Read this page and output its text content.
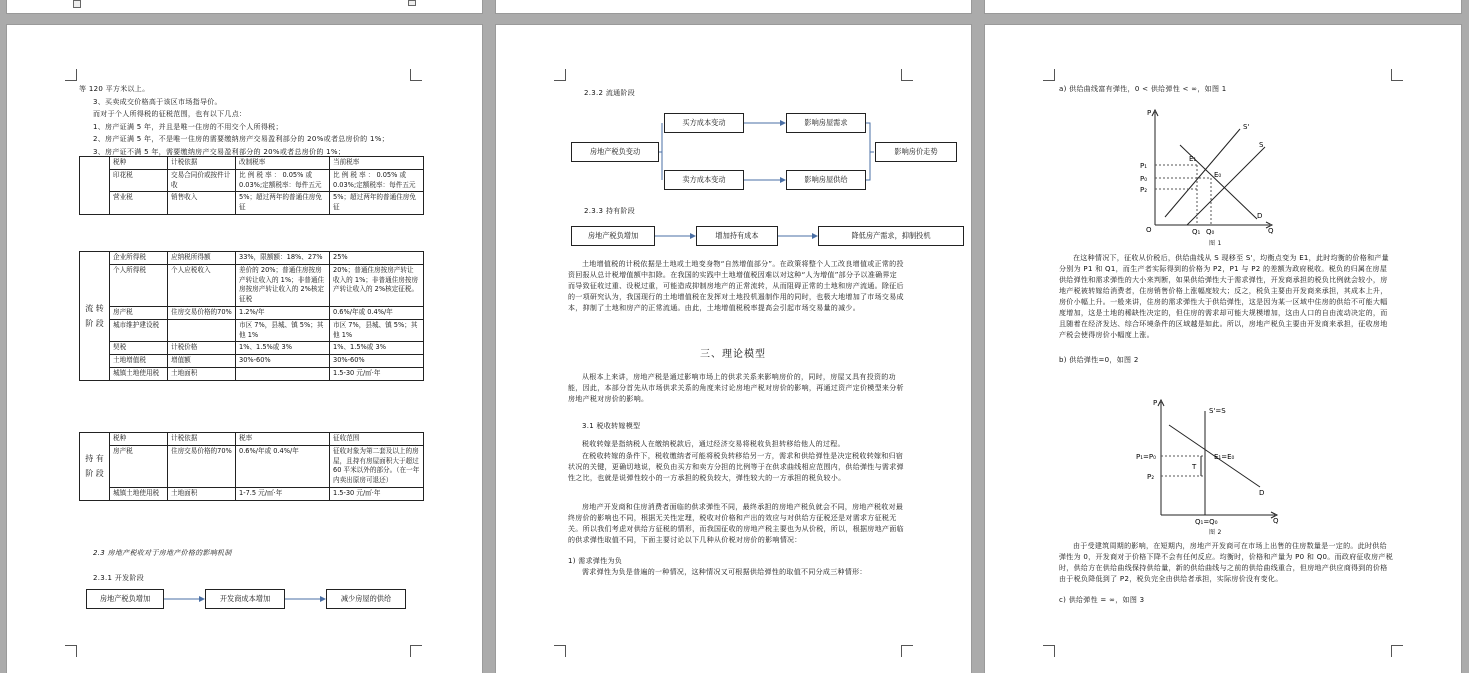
等 120 平方米以上。
3、买卖成交价格高于该区市场指导价。
而对于个人所得税的征税范围，也有以下几点：
1、房产证满 5 年，并且是唯一住房的不用交个人所得税；
2、房产证满 5 年，不是唯一住房的需要缴纳房产交易盈利部分的 20%或者总房价的 1%；
3、房产证不满 5 年，需要缴纳房产交易盈利部分的 20%或者总房价的 1%；
	税种	计税依据	改制税率	当前税率
	印花税	交易合同价或按件计收	比 例 税 率 ： 0.05% 或0.03%;定额税率：每件五元	比 例 税 率 ： 0.05% 或0.03%;定额税率：每件五元
	营业税	销售收入	5%；超过两年的普通住房免征	5%；超过两年的普通住房免征
流 转 阶 段	企业所得税	应纳税所得额	33%，限额额：18%、27%	25%
	个人所得税	个人应税收入	差价的 20%；普通住房按房产转让收入的 1%；非普通住房按房产转让收入的 2%核定征税	20%；普通住房按房产转让收入的 1%；非普通住房按房产转让收入的 2%核定征税。
	房产税	住房交易价格的70%	1.2%/年	0.6%/年或 0.4%/年
	城市维护建设税		市区 7%，县城、镇 5%；其他 1%	市区 7%，县城、镇 5%；其他 1%
	契税	计税价格	1%、1.5%或 3%	1%、1.5%或 3%
	土地增值税	增值额	30%-60%	30%-60%
	城镇土地使用税	土地面积		1.5-30 元/㎡·年
持 有 阶 段	税种	计税依据	税率	征收范围
	房产税	住房交易价格的70%	0.6%/年或 0.4%/年	征收对象为第二套及以上的房屋，且持有房屋面积大于超过 60 平米以外的部分。（在一年内卖出原房可退还）
	城镇土地使用税	土地面积	1-7.5 元/㎡·年	1.5-30 元/㎡·年
2.3 房地产税收对于房地产价格的影响机制
2.3.1 开发阶段
房地产税负增加	开发商成本增加	减少房屋的供给
2.3.2 流通阶段
房地产税负变动
买方成本变动
卖方成本变动
影响房屋需求
影响房屋供给
影响房价走势
2.3.3 持有阶段
房地产税负增加	增加持有成本	降低房产需求，抑制投机
土地增值税的计税依据是土地或土地变身物“自然增值部分”。在政策将整个人工改良增值或正常的投资回报从总计税增值额中扣除。在我国的实践中土地增值税因难以对这种“人为增值”部分予以准确界定而导致征收过重、设税过重，可能造成抑制房地产的正常流转，从而阻碍正常的土地和房产流通。除征后的一项研究认为，我国现行的土地增值税在发挥对土地投机遏制作用的同时，也极大地增加了市场交易成本，抑制了土地和房产的正常流通。由此，土地增值税税率提高会引起市场交易量的减少。
三、理论模型
从根本上来讲，房地产税是通过影响市场上的供求关系来影响房价的，同时，房屋又具有投资的功能，因此，本部分首先从市场供求关系的角度来讨论房地产税对房价的影响，再通过资产定价模型来分析房地产税对房价的影响。
3.1 税收转嫁模型
税收转嫁是指纳税人在缴纳税款后，通过经济交易将税收负担转移给他人的过程。
在税收转嫁的条件下，税收缴纳者可能将税负转移给另一方，需求和供给弹性是决定税收转嫁和归宿状况的关键，更确切地说，税负由买方和卖方分担的比例等于在供求曲线相应范围内，供给弹性与需求弹性之比，也就是说弹性较小的一方承担的税负较大，弹性较大的一方承担的税负较小。
房地产开发商和住房消费者面临的供求弹性不同，最终承担的房地产税负就会不同，房地产税收对最终房价的影响也不同，根据无关性定理，税收对价格和产出的效应与对供给方征税还是对需求方征税无关。所以我们考虑对供给方征税的情形，而我国征收的房地产税主要也为从价税，所以，根据房地产面临的供求弹性取值不同，下面主要讨论以下几种从价税对房价的影响情况：
1) 需求弹性为负
需求弹性为负是普遍的一种情况，这种情况又可根据供给弹性的取值不同分成三种情形：
a) 供给曲线富有弹性，0 < 供给弹性 < ∞，如图 1
P
S'
S
E₁
E₀
D
P₁
P₀
P₂
O	Q₁ Q₀	Q
图 1
在这种情况下，征收从价税后，供给曲线从 S 现移至 S'，均衡点变为 E1，此时均衡的价格和产量分别为 P1 和 Q1，而生产者实际得到的价格为 P2，P1 与 P2 的差额为政府税收。税负的归属在房屋供给弹性和需求弹性的大小来判断，如果供给弹性大于需求弹性，开发商承担的税负比例就会较小，房地产税被转嫁给消费者，住房销售价格上涨幅度较大；反之，税负主要由开发商来承担，其成本上升，房价小幅上升。一般来讲，住房的需求弹性大于供给弹性，这是因为某一区域中住房的供给不可能大幅度增加，这是土地的稀缺性决定的，但住房的需求却可能大规模增加，这由人口的自由流动决定的，而且随着在经济发达、综合环境条件的区域越是如此。所以，房地产税负主要由开发商来承担，征收房地产税会使得房价小幅度上涨。
b) 供给弹性=0，如图 2
P
S'=S
P₁=P₀	E₁=E₀
T
P₂
D
Q₁=Q₀	Q
图 2
由于受建筑周期的影响，在短期内，房地产开发商可在市场上出售的住房数量是一定的。此时供给弹性为 0，开发商对于价格下降不会有任何反应。均衡时，价格和产量为 P0 和 Q0。而政府征收房产税时，供给方在供给曲线保持供给量，新的供给曲线与之前的供给曲线重合，但房地产供应商得到的价格由于税负降低到了 P2，税负完全由供给者承担，实际房价没有变化。
c) 供给弹性 = ∞，如图 3
